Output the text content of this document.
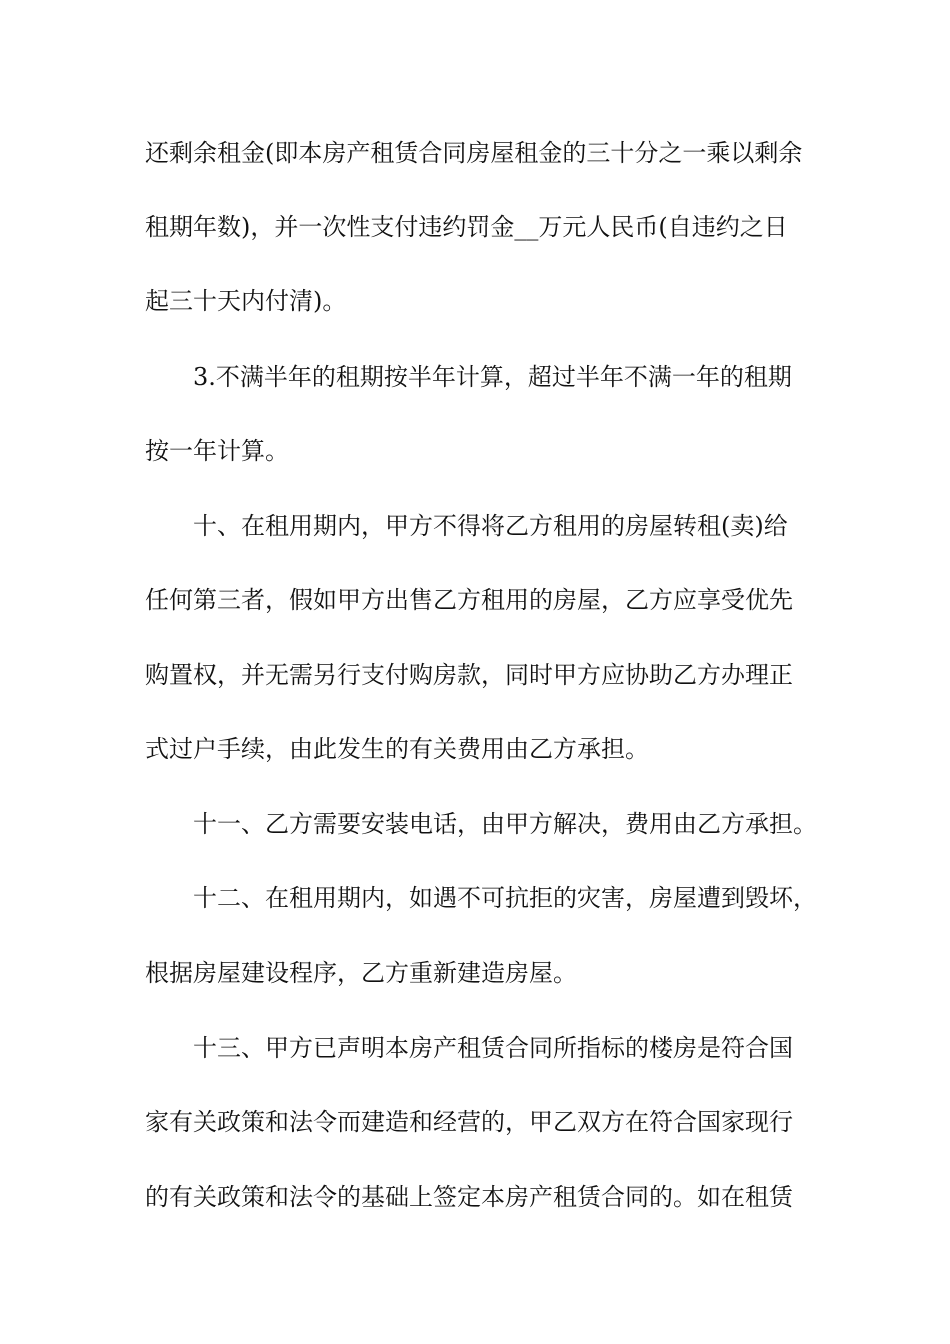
还剩余租金(即本房产租赁合同房屋租金的三十分之一乘以剩余
租期年数)，并一次性支付违约罚金__万元人民币(自违约之日
起三十天内付清)。
3.不满半年的租期按半年计算，超过半年不满一年的租期
按一年计算。
十、在租用期内，甲方不得将乙方租用的房屋转租(卖)给
任何第三者，假如甲方出售乙方租用的房屋，乙方应享受优先
购置权，并无需另行支付购房款，同时甲方应协助乙方办理正
式过户手续，由此发生的有关费用由乙方承担。
十一、乙方需要安装电话，由甲方解决，费用由乙方承担。
十二、在租用期内，如遇不可抗拒的灾害，房屋遭到毁坏，
根据房屋建设程序，乙方重新建造房屋。
十三、甲方已声明本房产租赁合同所指标的楼房是符合国
家有关政策和法令而建造和经营的，甲乙双方在符合国家现行
的有关政策和法令的基础上签定本房产租赁合同的。如在租赁
